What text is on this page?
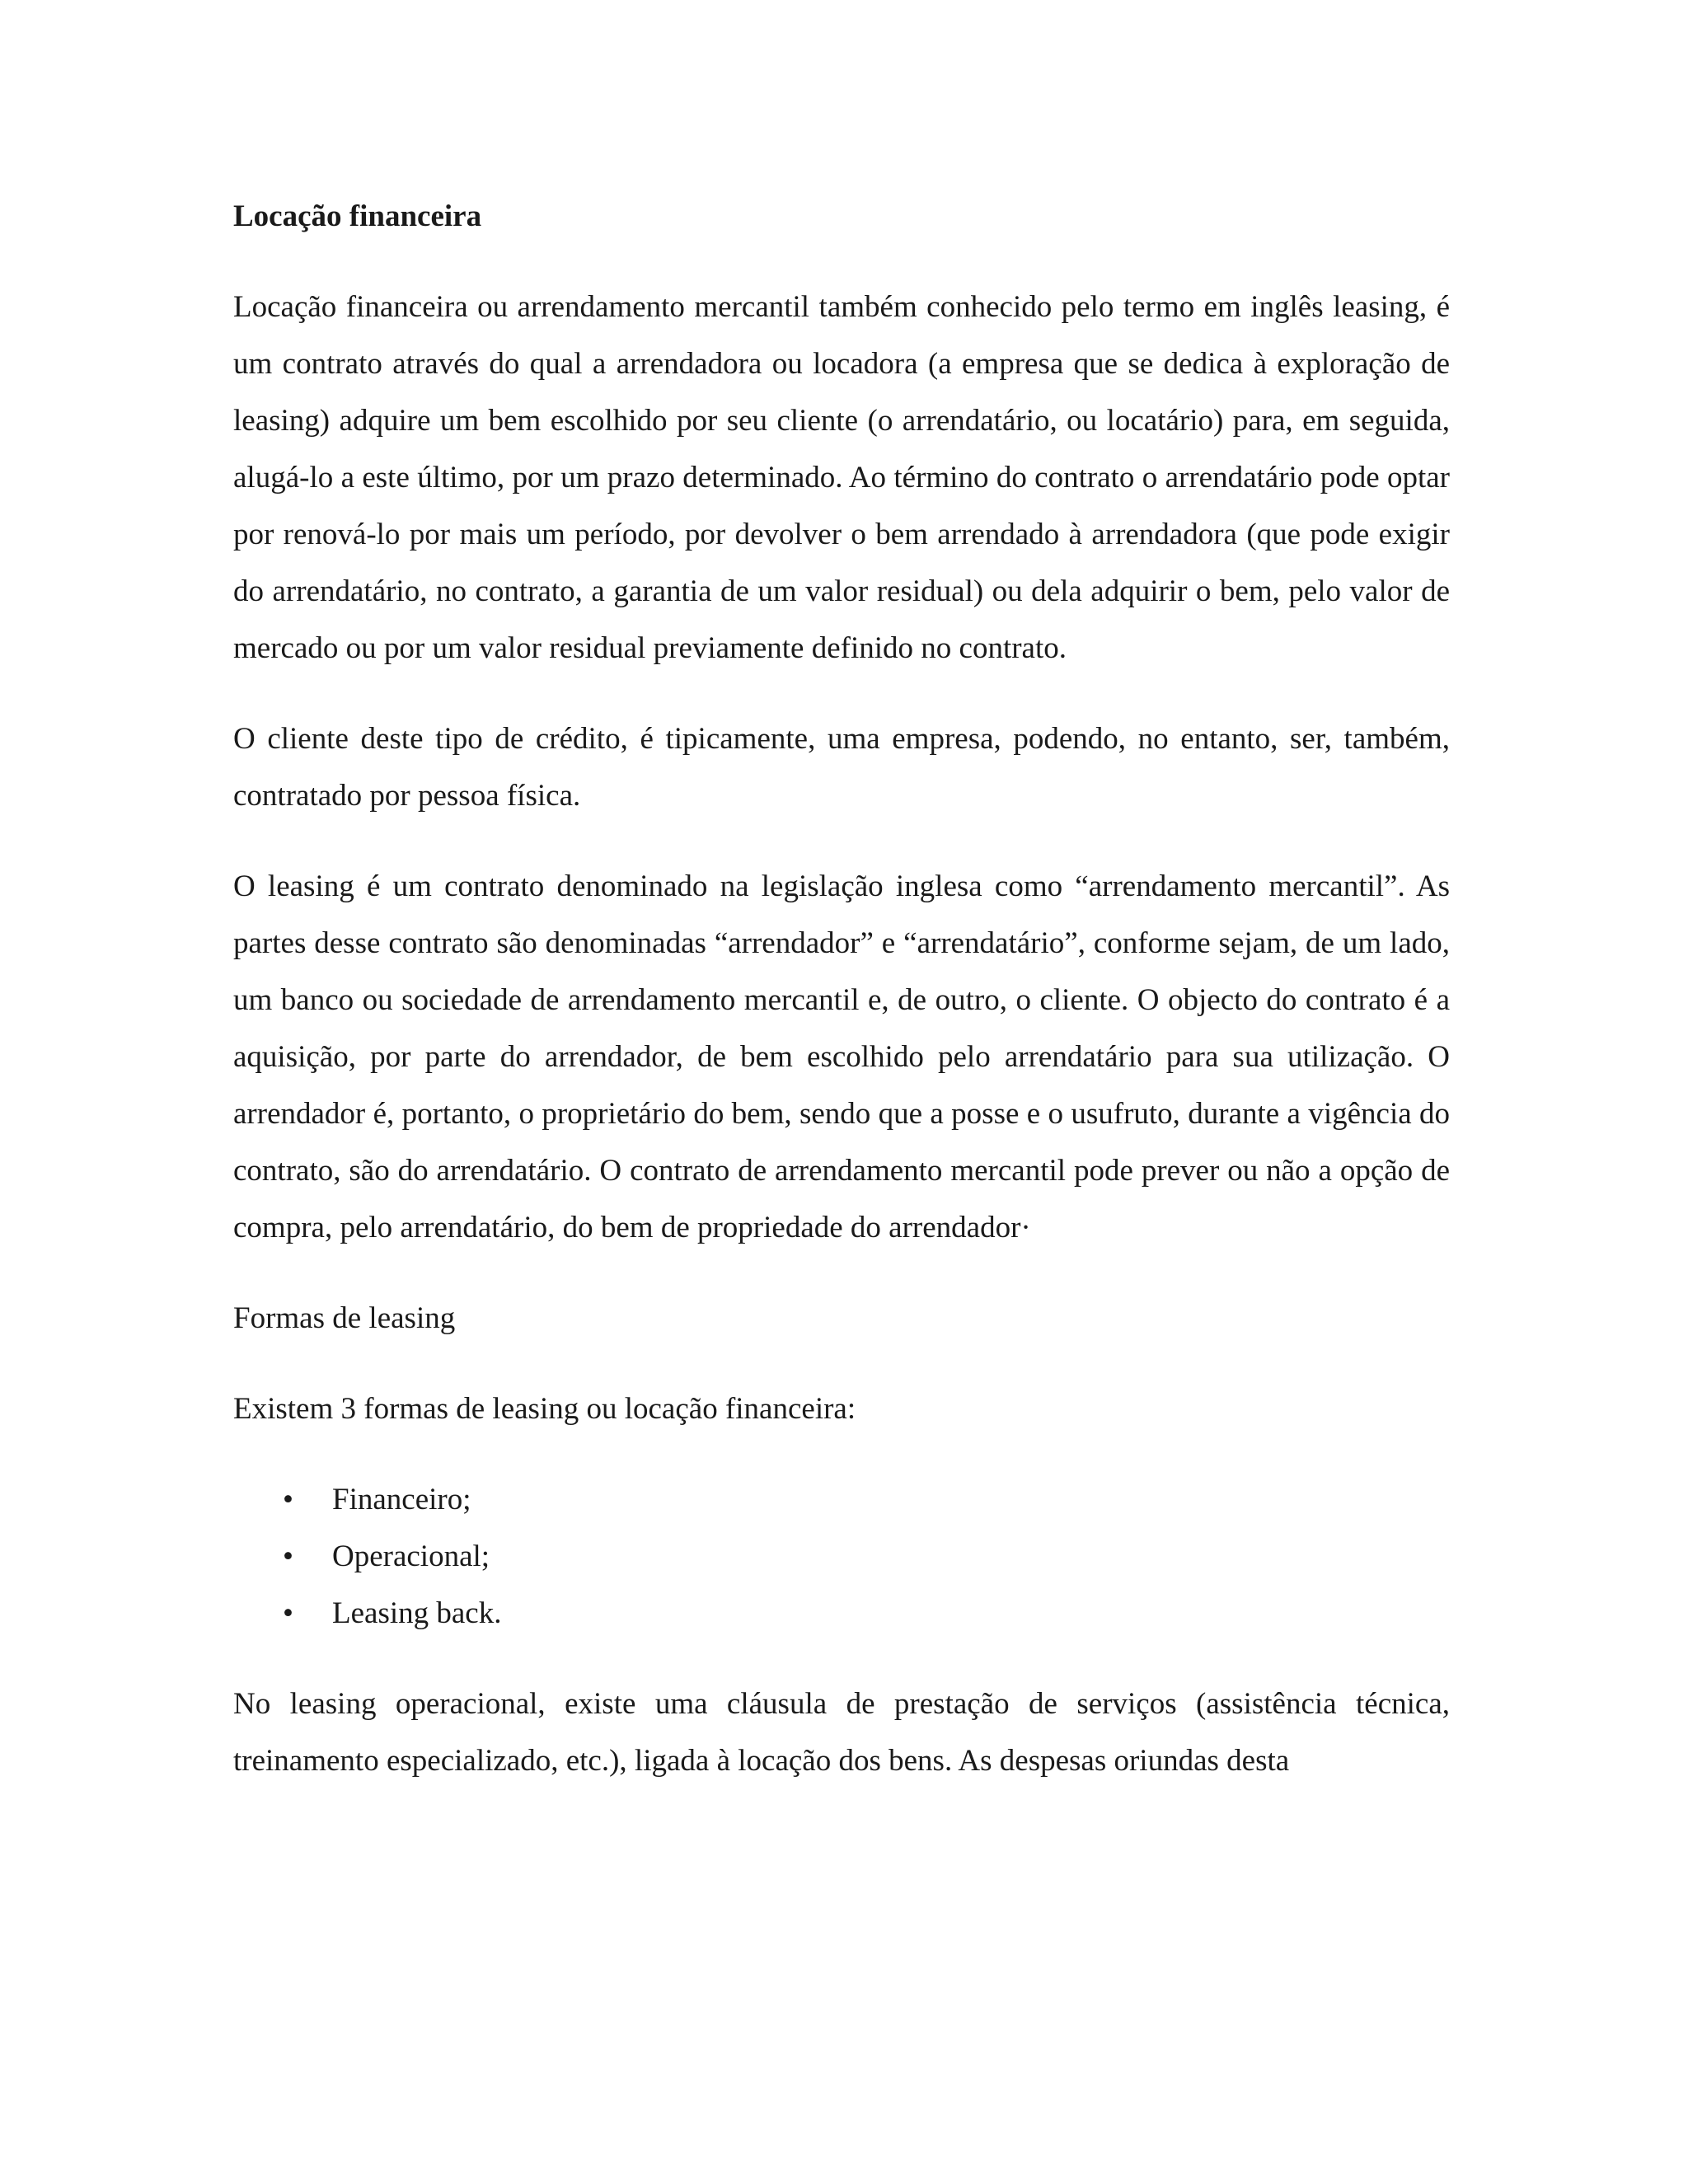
Locação financeira

Locação financeira ou arrendamento mercantil também conhecido pelo termo em inglês leasing, é um contrato através do qual a arrendadora ou locadora (a empresa que se dedica à exploração de leasing) adquire um bem escolhido por seu cliente (o arrendatário, ou locatário) para, em seguida, alugá-lo a este último, por um prazo determinado. Ao término do contrato o arrendatário pode optar por renová-lo por mais um período, por devolver o bem arrendado à arrendadora (que pode exigir do arrendatário, no contrato, a garantia de um valor residual) ou dela adquirir o bem, pelo valor de mercado ou por um valor residual previamente definido no contrato.

O cliente deste tipo de crédito, é tipicamente, uma empresa, podendo, no entanto, ser, também, contratado por pessoa física.

O leasing é um contrato denominado na legislação inglesa como “arrendamento mercantil”. As partes desse contrato são denominadas “arrendador” e “arrendatário”, conforme sejam, de um lado, um banco ou sociedade de arrendamento mercantil e, de outro, o cliente. O objecto do contrato é a aquisição, por parte do arrendador, de bem escolhido pelo arrendatário para sua utilização. O arrendador é, portanto, o proprietário do bem, sendo que a posse e o usufruto, durante a vigência do contrato, são do arrendatário. O contrato de arrendamento mercantil pode prever ou não a opção de compra, pelo arrendatário, do bem de propriedade do arrendador·

Formas de leasing

Existem 3 formas de leasing ou locação financeira:

• Financeiro;
• Operacional;
• Leasing back.

No leasing operacional, existe uma cláusula de prestação de serviços (assistência técnica, treinamento especializado, etc.), ligada à locação dos bens. As despesas oriundas desta
